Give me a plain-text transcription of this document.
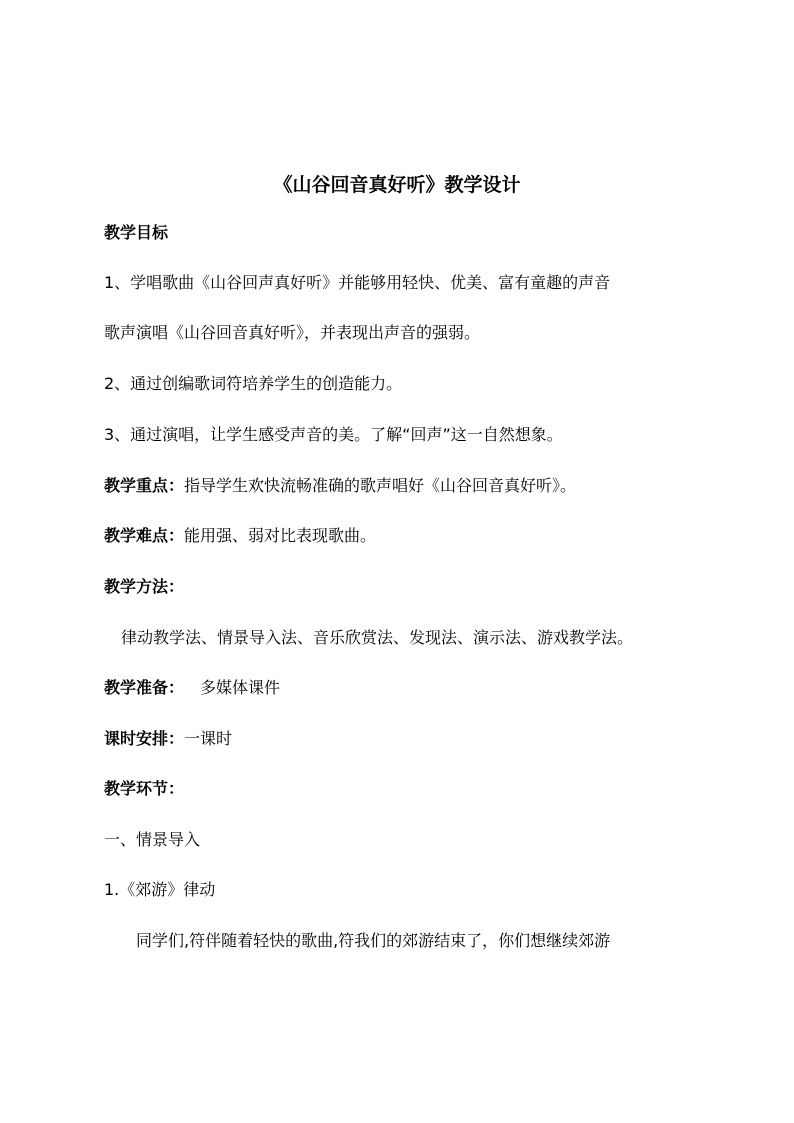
《山谷回音真好听》教学设计
教学目标
1、学唱歌曲《山谷回声真好听》并能够用轻快、优美、富有童趣的声音
歌声演唱《山谷回音真好听》，并表现出声音的强弱。
2、通过创编歌词符培养学生的创造能力。
3、通过演唱，让学生感受声音的美。了解“回声”这一自然想象。
教学重点：指导学生欢快流畅准确的歌声唱好《山谷回音真好听》。
教学难点：能用强、弱对比表现歌曲。
教学方法：
律动教学法、情景导入法、音乐欣赏法、发现法、演示法、游戏教学法。
教学准备： 多媒体课件
课时安排：一课时
教学环节：
一、情景导入
1.《郊游》律动
同学们,符伴随着轻快的歌曲,符我们的郊游结束了，你们想继续郊游
